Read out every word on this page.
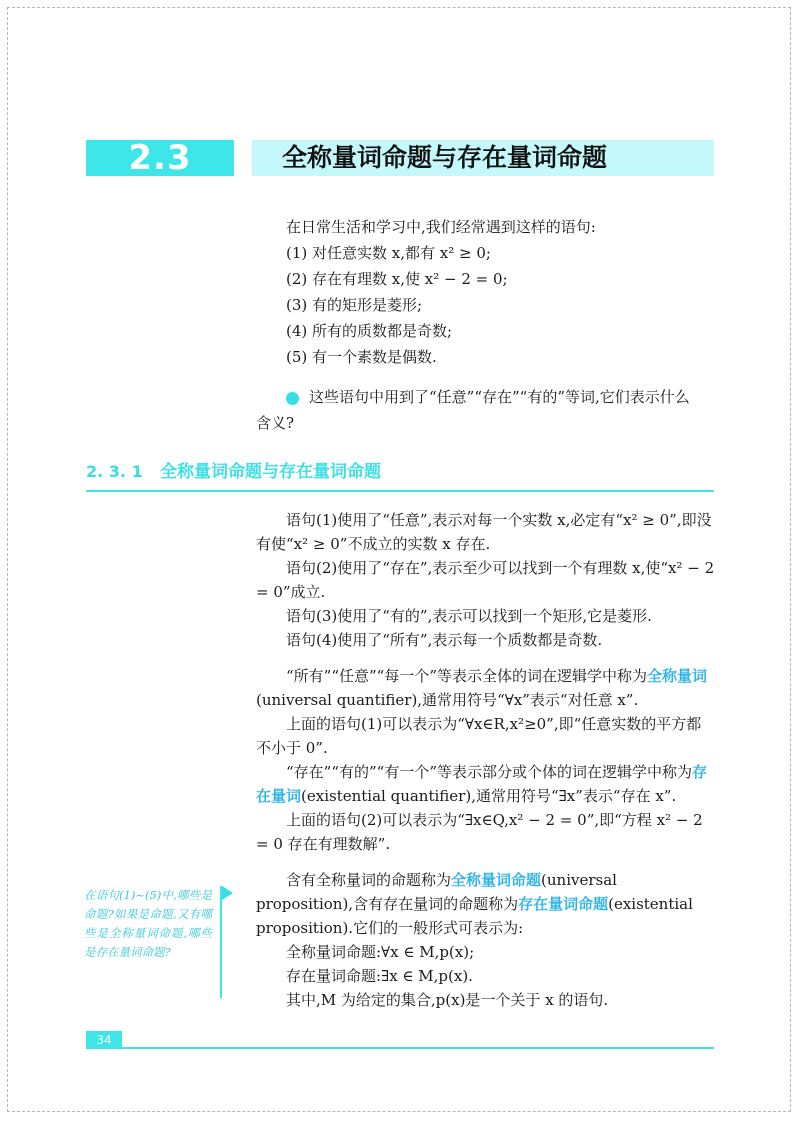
2.3	全称量词命题与存在量词命题

在日常生活和学习中,我们经常遇到这样的语句:

(1) 对任意实数 x,都有 x² ≥ 0;

(2) 存在有理数 x,使 x² − 2 = 0;

(3) 有的矩形是菱形;

(4) 所有的质数都是奇数;

(5) 有一个素数是偶数.

这些语句中用到了“任意”“存在”“有的”等词,它们表示什么

含义?

2. 3. 1 全称量词命题与存在量词命题

语句(1)使用了“任意”,表示对每一个实数 x,必定有“x² ≥ 0”,即没有使“x² ≥ 0”不成立的实数 x 存在.

语句(2)使用了“存在”,表示至少可以找到一个有理数 x,使“x² − 2 = 0”成立.

语句(3)使用了“有的”,表示可以找到一个矩形,它是菱形.

语句(4)使用了“所有”,表示每一个质数都是奇数.

“所有”“任意”“每一个”等表示全体的词在逻辑学中称为全称量词(universal quantifier),通常用符号“∀x”表示“对任意 x”.

上面的语句(1)可以表示为“∀x∈R,x²≥0”,即“任意实数的平方都不小于 0”.

“存在”“有的”“有一个”等表示部分或个体的词在逻辑学中称为存在量词(existential quantifier),通常用符号“∃x”表示“存在 x”.

上面的语句(2)可以表示为“∃x∈Q,x² − 2 = 0”,即“方程 x² − 2 = 0 存在有理数解”.

含有全称量词的命题称为全称量词命题(universal proposition),含有存在量词的命题称为存在量词命题(existential proposition).它们的一般形式可表示为:

全称量词命题:∀x ∈ M,p(x);

存在量词命题:∃x ∈ M,p(x).

其中,M 为给定的集合,p(x)是一个关于 x 的语句.

在语句(1)~(5)中,哪些是命题?如果是命题,又有哪些是全称量词命题,哪些是存在量词命题?

34
